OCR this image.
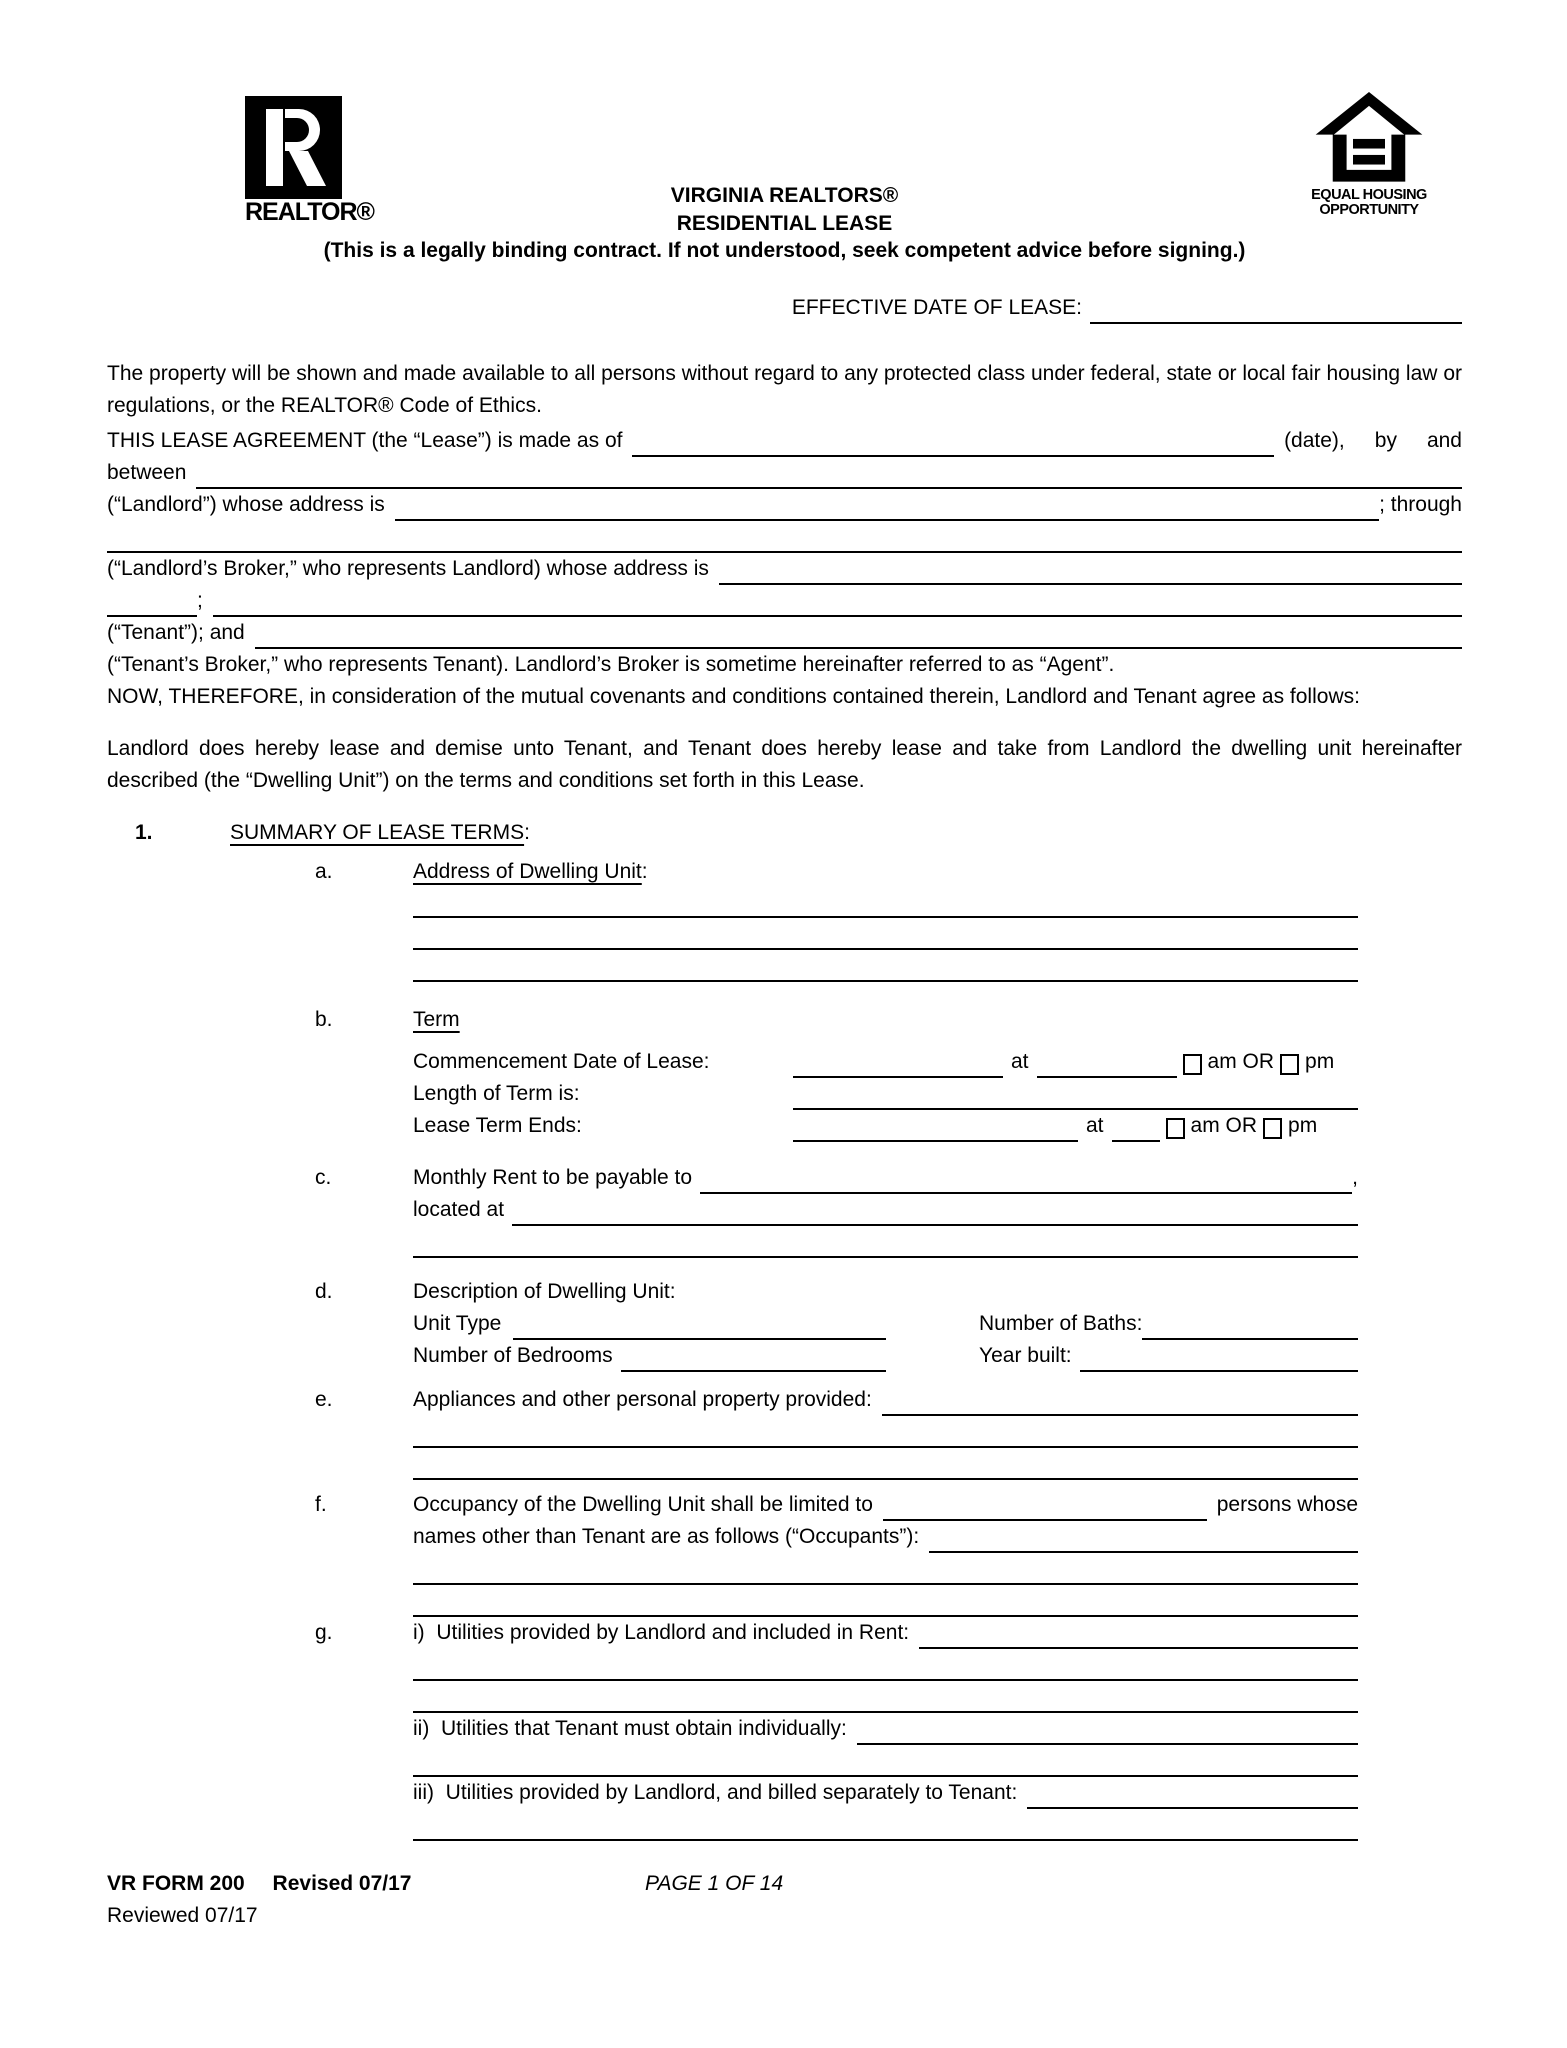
REALTOR®
EQUAL HOUSING
OPPORTUNITY
VIRGINIA REALTORS®
RESIDENTIAL LEASE
(This is a legally binding contract. If not understood, seek competent advice before signing.)
EFFECTIVE DATE OF LEASE:

The property will be shown and made available to all persons without regard to any protected class under federal, state or local fair housing law or regulations, or the REALTOR® Code of Ethics.

THIS LEASE AGREEMENT (the “Lease”) is made as of	(date), by and
between
(“Landlord”) whose address is	; through
(“Landlord’s Broker,” who represents Landlord) whose address is
;
(“Tenant”); and
(“Tenant’s Broker,” who represents Tenant). Landlord’s Broker is sometime hereinafter referred to as “Agent”.

NOW, THEREFORE, in consideration of the mutual covenants and conditions contained therein, Landlord and Tenant agree as follows:

Landlord does hereby lease and demise unto Tenant, and Tenant does hereby lease and take from Landlord the dwelling unit hereinafter described (the “Dwelling Unit”) on the terms and conditions set forth in this Lease.

1.	SUMMARY OF LEASE TERMS:
a.	Address of Dwelling Unit:
b.	Term
Commencement Date of Lease:	at	am OR pm
Length of Term is:
Lease Term Ends:	at	am OR pm
c.	Monthly Rent to be payable to	,
located at
d.	Description of Dwelling Unit:
Unit Type	Number of Baths:
Number of Bedrooms	Year built:
e.	Appliances and other personal property provided:
f.	Occupancy of the Dwelling Unit shall be limited to	persons whose
names other than Tenant are as follows (“Occupants”):
g.	i)  Utilities provided by Landlord and included in Rent:
ii)  Utilities that Tenant must obtain individually:
iii)  Utilities provided by Landlord, and billed separately to Tenant:
VR FORM 200 Revised 07/17	PAGE 1 OF 14
Reviewed 07/17
